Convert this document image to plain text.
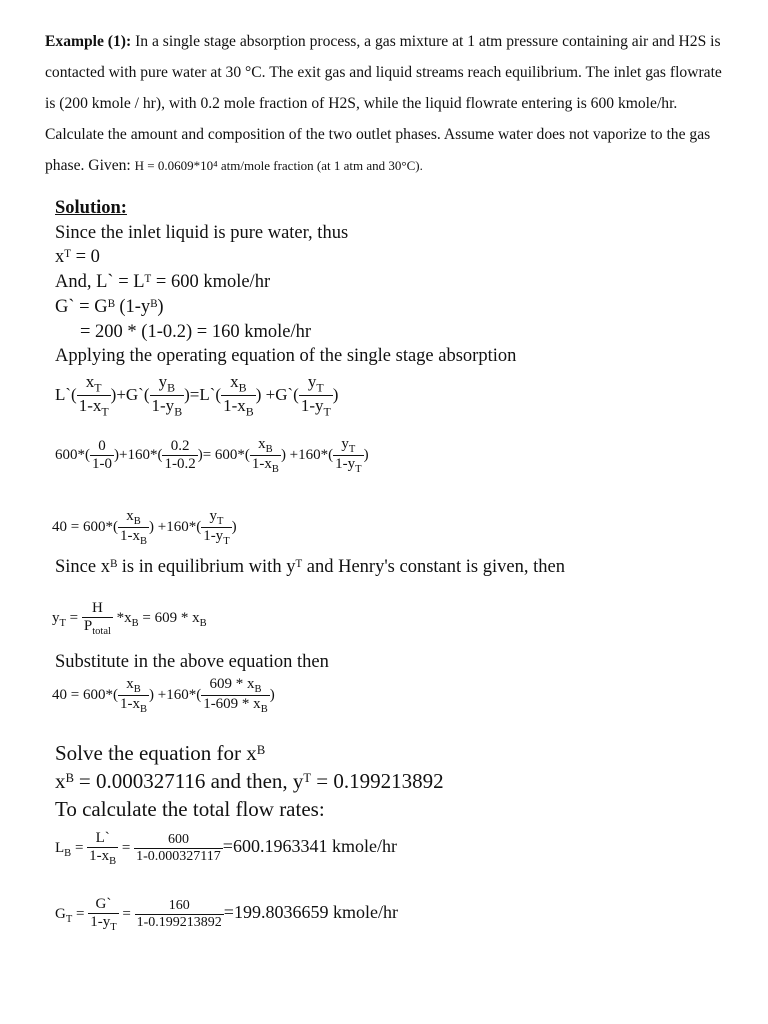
Example (1): In a single stage absorption process, a gas mixture at 1 atm pressure containing air and H2S is contacted with pure water at 30 °C. The exit gas and liquid streams reach equilibrium. The inlet gas flowrate is (200 kmole / hr), with 0.2 mole fraction of H2S, while the liquid flowrate entering is 600 kmole/hr. Calculate the amount and composition of the two outlet phases. Assume water does not vaporize to the gas phase. Given: H = 0.0609*10⁴ atm/mole fraction (at 1 atm and 30°C).
Solution:
Since the inlet liquid is pure water, thus
xᵀ = 0
And, L` = Lᵀ = 600 kmole/hr
G` = Gᴮ (1-yᴮ)
= 200 * (1-0.2) = 160 kmole/hr
Applying the operating equation of the single stage absorption
L`( $\frac{x_T}{1-x_T}$ )+G`( $\frac{y_B}{1-y_B}$ )=L`( $\frac{x_B}{1-x_B}$ ) +G`( $\frac{y_T}{1-y_T}$ )
$600*( \frac{0}{1-0} )+160*( \frac{0.2}{1-0.2}$ )= $600*( \frac{x_B}{1-x_B}$ ) $+160*( \frac{y_T}{1-y_T}$ )
$40 = 600*( \frac{x_B}{1-x_B}$ ) $+160*( \frac{y_T}{1-y_T}$ )
Since xᴮ is in equilibrium with yᵀ and Henry's constant is given, then
$y_T$ =
H
$P_{total}$
$*x_B = 609 * x_B$
Substitute in the above equation then
$40 = 600*( \frac{x_B}{1-x_B}$ ) $+160*( \frac{609 * x_B}{1-609 * x_B}$ )
Solve the equation for xᴮ
xᴮ = 0.000327116 and then, yᵀ = 0.199213892
To calculate the total flow rates:
$L_B = \frac{L`}{1-x_B} = \frac{600}{1-0.000327117} =600.1963341$ kmole/hr
$G_T = \frac{G`}{1-y_T} = \frac{160}{1-0.199213892} =199.8036659$ kmole/hr
